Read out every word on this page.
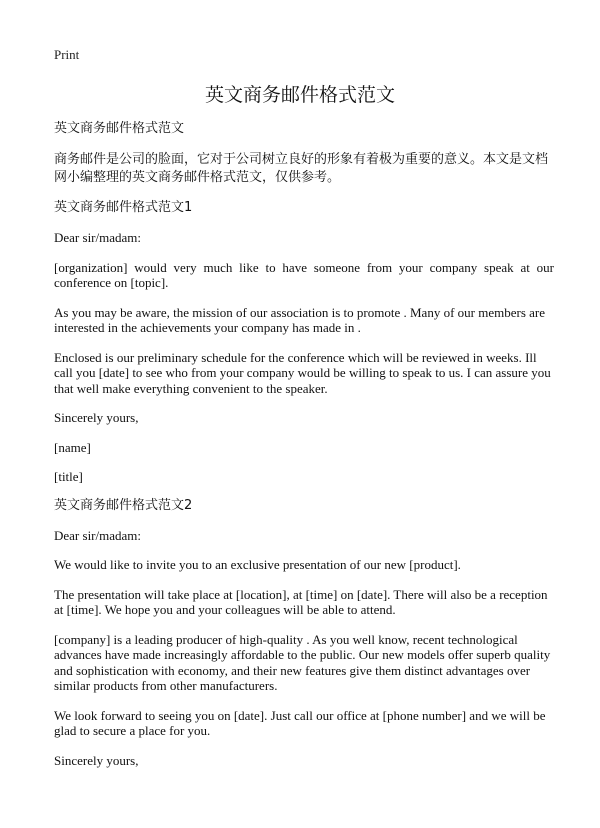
Print
英文商务邮件格式范文

英文商务邮件格式范文

商务邮件是公司的脸面，它对于公司树立良好的形象有着极为重要的意义。本文是文档网小编整理的英文商务邮件格式范文，仅供参考。

英文商务邮件格式范文1

Dear sir/madam:

[organization] would very much like to have someone from your company speak at our conference on [topic].

As you may be aware, the mission of our association is to promote . Many of our members are interested in the achievements your company has made in .

Enclosed is our preliminary schedule for the conference which will be reviewed in weeks. Ill call you [date] to see who from your company would be willing to speak to us. I can assure you that well make everything convenient to the speaker.

Sincerely yours,

[name]

[title]

英文商务邮件格式范文2

Dear sir/madam:

We would like to invite you to an exclusive presentation of our new [product].

The presentation will take place at [location], at [time] on [date]. There will also be a reception at [time]. We hope you and your colleagues will be able to attend.

[company] is a leading producer of high-quality . As you well know, recent technological advances have made increasingly affordable to the public. Our new models offer superb quality and sophistication with economy, and their new features give them distinct advantages over similar products from other manufacturers.

We look forward to seeing you on [date]. Just call our office at [phone number] and we will be glad to secure a place for you.

Sincerely yours,
